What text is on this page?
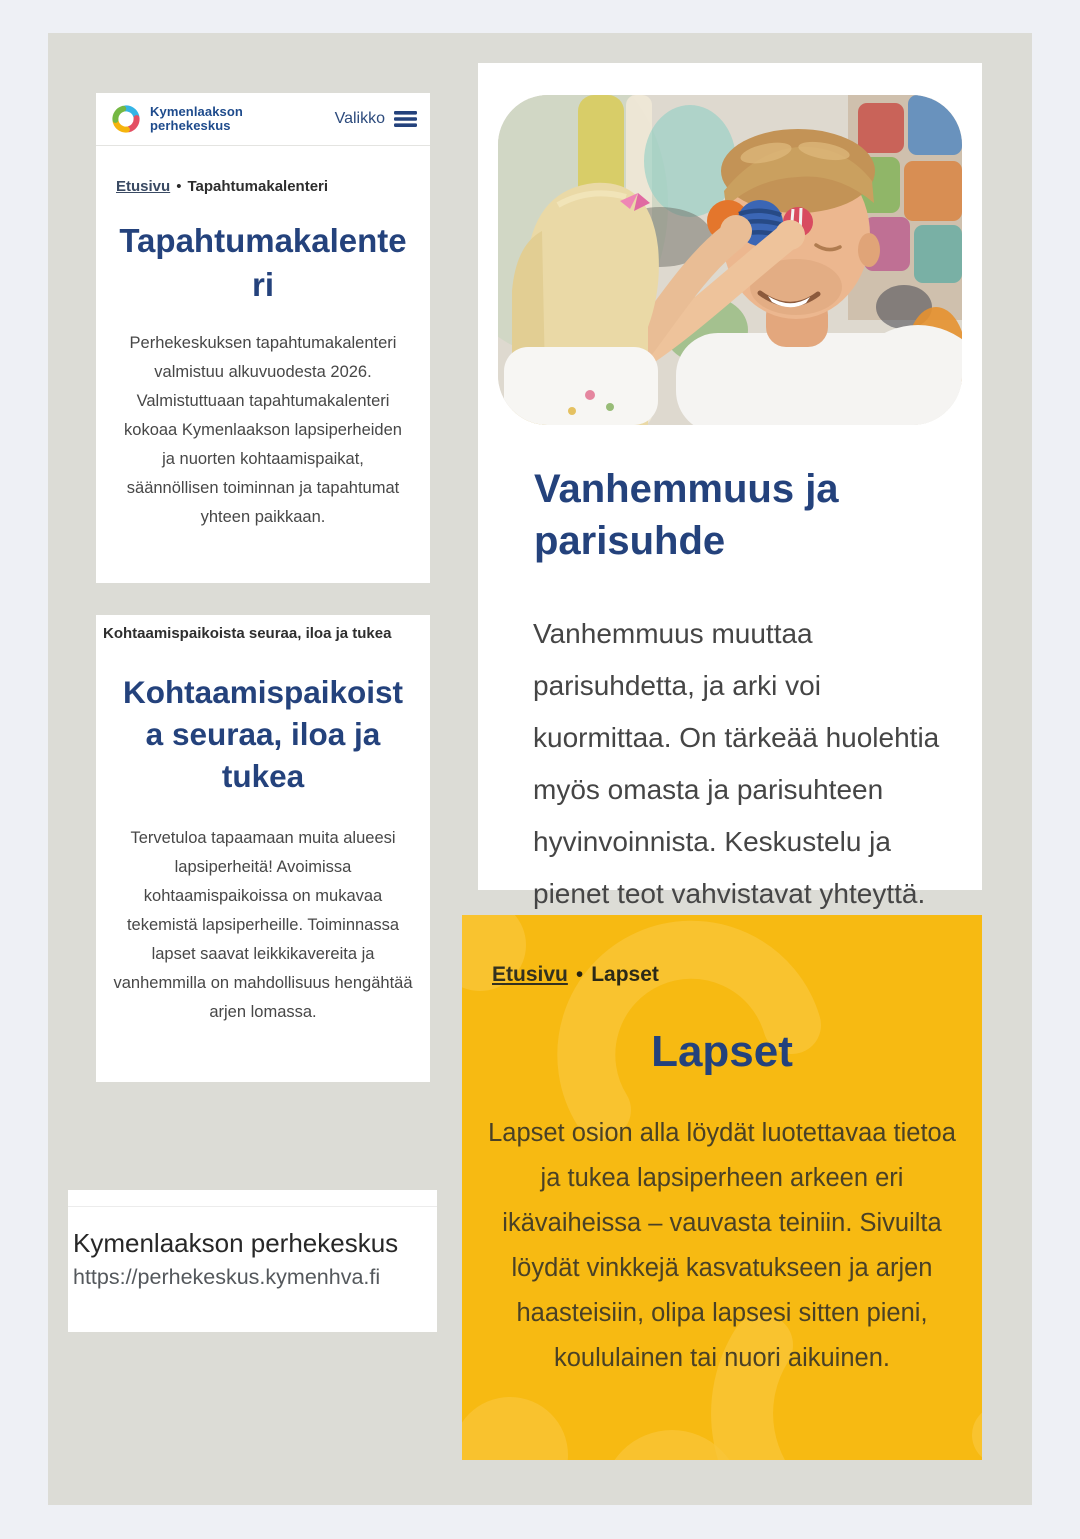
Kymenlaakson
perhekeskus	Valikko
Etusivu • Tapahtumakalenteri
Tapahtumakalenteri

Perhekeskuksen tapahtumakalenteri valmistuu alkuvuodesta 2026. Valmistuttuaan tapahtumakalenteri kokoaa Kymenlaakson lapsiperheiden ja nuorten kohtaamispaikat, säännöllisen toiminnan ja tapahtumat yhteen paikkaan.

Kohtaamispaikoista seuraa, iloa ja tukea
Kohtaamispaikoista seuraa, iloa ja tukea

Tervetuloa tapaamaan muita alueesi lapsiperheitä! Avoimissa kohtaamispaikoissa on mukavaa tekemistä lapsiperheille. Toiminnassa lapset saavat leikkikavereita ja vanhemmilla on mahdollisuus hengähtää arjen lomassa.

Kymenlaakson perhekeskus
https://perhekeskus.kymenhva.fi
Vanhemmuus ja parisuhde

Vanhemmuus muuttaa parisuhdetta, ja arki voi kuormittaa. On tärkeää huolehtia myös omasta ja parisuhteen hyvinvoinnista. Keskustelu ja pienet teot vahvistavat yhteyttä.

Etusivu • Lapset
Lapset

Lapset osion alla löydät luotettavaa tietoa ja tukea lapsiperheen arkeen eri ikävaiheissa – vauvasta teiniin. Sivuilta löydät vinkkejä kasvatukseen ja arjen haasteisiin, olipa lapsesi sitten pieni, koululainen tai nuori aikuinen.
